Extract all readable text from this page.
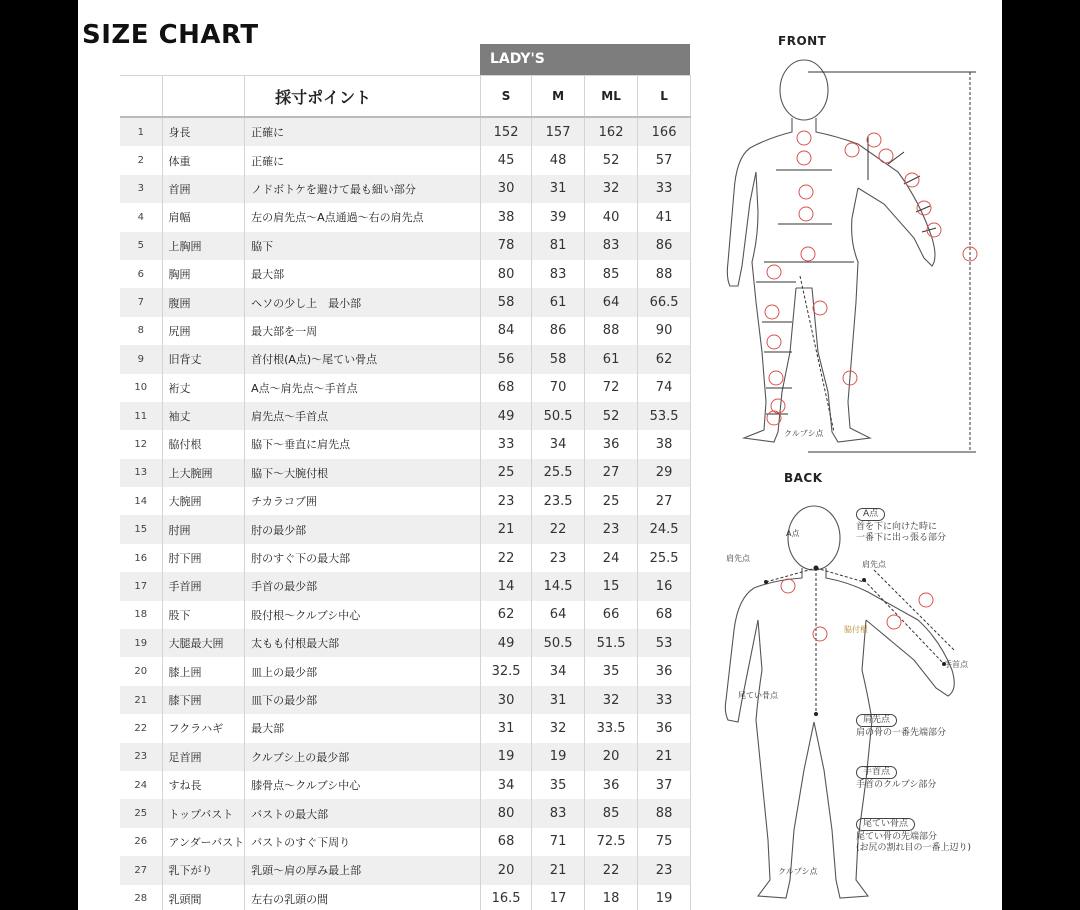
SIZE CHART
LADY'S
		採寸ポイント	S	M	ML	L
1	身長	正確に	152	157	162	166
2	体重	正確に	45	48	52	57
3	首囲	ノドボトケを避けて最も細い部分	30	31	32	33
4	肩幅	左の肩先点〜A点通過〜右の肩先点	38	39	40	41
5	上胸囲	脇下	78	81	83	86
6	胸囲	最大部	80	83	85	88
7	腹囲	ヘソの少し上　最小部	58	61	64	66.5
8	尻囲	最大部を一周	84	86	88	90
9	旧背丈	首付根(A点)〜尾てい骨点	56	58	61	62
10	裄丈	A点〜肩先点〜手首点	68	70	72	74
11	袖丈	肩先点〜手首点	49	50.5	52	53.5
12	脇付根	脇下〜垂直に肩先点	33	34	36	38
13	上大腕囲	脇下〜大腕付根	25	25.5	27	29
14	大腕囲	チカラコブ囲	23	23.5	25	27
15	肘囲	肘の最少部	21	22	23	24.5
16	肘下囲	肘のすぐ下の最大部	22	23	24	25.5
17	手首囲	手首の最少部	14	14.5	15	16
18	股下	股付根〜クルブシ中心	62	64	66	68
19	大腿最大囲	太もも付根最大部	49	50.5	51.5	53
20	膝上囲	皿上の最少部	32.5	34	35	36
21	膝下囲	皿下の最少部	30	31	32	33
22	フクラハギ	最大部	31	32	33.5	36
23	足首囲	クルブシ上の最少部	19	19	20	21
24	すね長	膝骨点〜クルブシ中心	34	35	36	37
25	トップバスト	バストの最大部	80	83	85	88
26	アンダーバスト	バストのすぐ下周り	68	71	72.5	75
27	乳下がり	乳頭〜肩の厚み最上部	20	21	22	23
28	乳頭間	左右の乳頭の間	16.5	17	18	19
FRONT
BACK
クルブシ点
A点
肩先点
肩先点
手首点
尾てい骨点
クルブシ点
脇付根
A点
首を下に向けた時に
一番下に出っ張る部分
肩先点
肩の骨の一番先端部分
手首点
手首のクルブシ部分
尾てい骨点
尾てい骨の先端部分
(お尻の割れ目の一番上辺り)
